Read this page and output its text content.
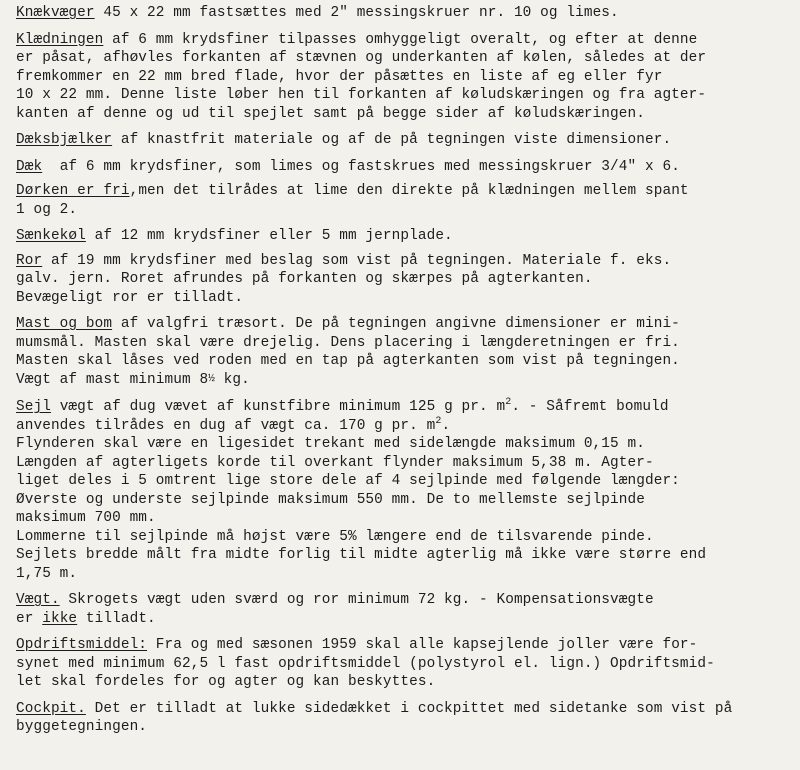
Knækvæger 45 x 22 mm fastsættes med 2" messingskruer nr. 10 og limes.
Klædningen af 6 mm krydsfiner tilpasses omhyggeligt overalt, og efter at denne
er påsat, afhøvles forkanten af stævnen og underkanten af kølen, således at der
fremkommer en 22 mm bred flade, hvor der påsættes en liste af eg eller fyr
10 x 22 mm. Denne liste løber hen til forkanten af køludskæringen og fra agter-
kanten af denne og ud til spejlet samt på begge sider af køludskæringen.
Dæksbjælker af knastfrit materiale og af de på tegningen viste dimensioner.
Dæk  af 6 mm krydsfiner, som limes og fastskrues med messingskruer 3/4" x 6.
Dørken er fri,men det tilrådes at lime den direkte på klædningen mellem spant
1 og 2.
Sænkekøl af 12 mm krydsfiner eller 5 mm jernplade.
Ror af 19 mm krydsfiner med beslag som vist på tegningen. Materiale f. eks.
galv. jern. Roret afrundes på forkanten og skærpes på agterkanten.
Bevægeligt ror er tilladt.
Mast og bom af valgfri træsort. De på tegningen angivne dimensioner er mini-
mumsmål. Masten skal være drejelig. Dens placering i længderetningen er fri.
Masten skal låses ved roden med en tap på agterkanten som vist på tegningen.
Vægt af mast minimum 8½ kg.
Sejl vægt af dug vævet af kunstfibre minimum 125 g pr. $m^2$. - Såfremt bomuld
anvendes tilrådes en dug af vægt ca. 170 g pr. $m^2$.
Flynderen skal være en ligesidet trekant med sidelængde maksimum 0,15 m.
Længden af agterligets korde til overkant flynder maksimum 5,38 m. Agter-
liget deles i 5 omtrent lige store dele af 4 sejlpinde med følgende længder:
Øverste og underste sejlpinde maksimum 550 mm. De to mellemste sejlpinde
maksimum 700 mm.
Lommerne til sejlpinde må højst være 5% længere end de tilsvarende pinde.
Sejlets bredde målt fra midte forlig til midte agterlig må ikke være større end
1,75 m.
Vægt. Skrogets vægt uden sværd og ror minimum 72 kg. - Kompensationsvægte
er ikke tilladt.
Opdriftsmiddel: Fra og med sæsonen 1959 skal alle kapsejlende joller være for-
synet med minimum 62,5 l fast opdriftsmiddel (polystyrol el. lign.) Opdriftsmid-
let skal fordeles for og agter og kan beskyttes.
Cockpit. Det er tilladt at lukke sidedækket i cockpittet med sidetanke som vist på
byggetegningen.
